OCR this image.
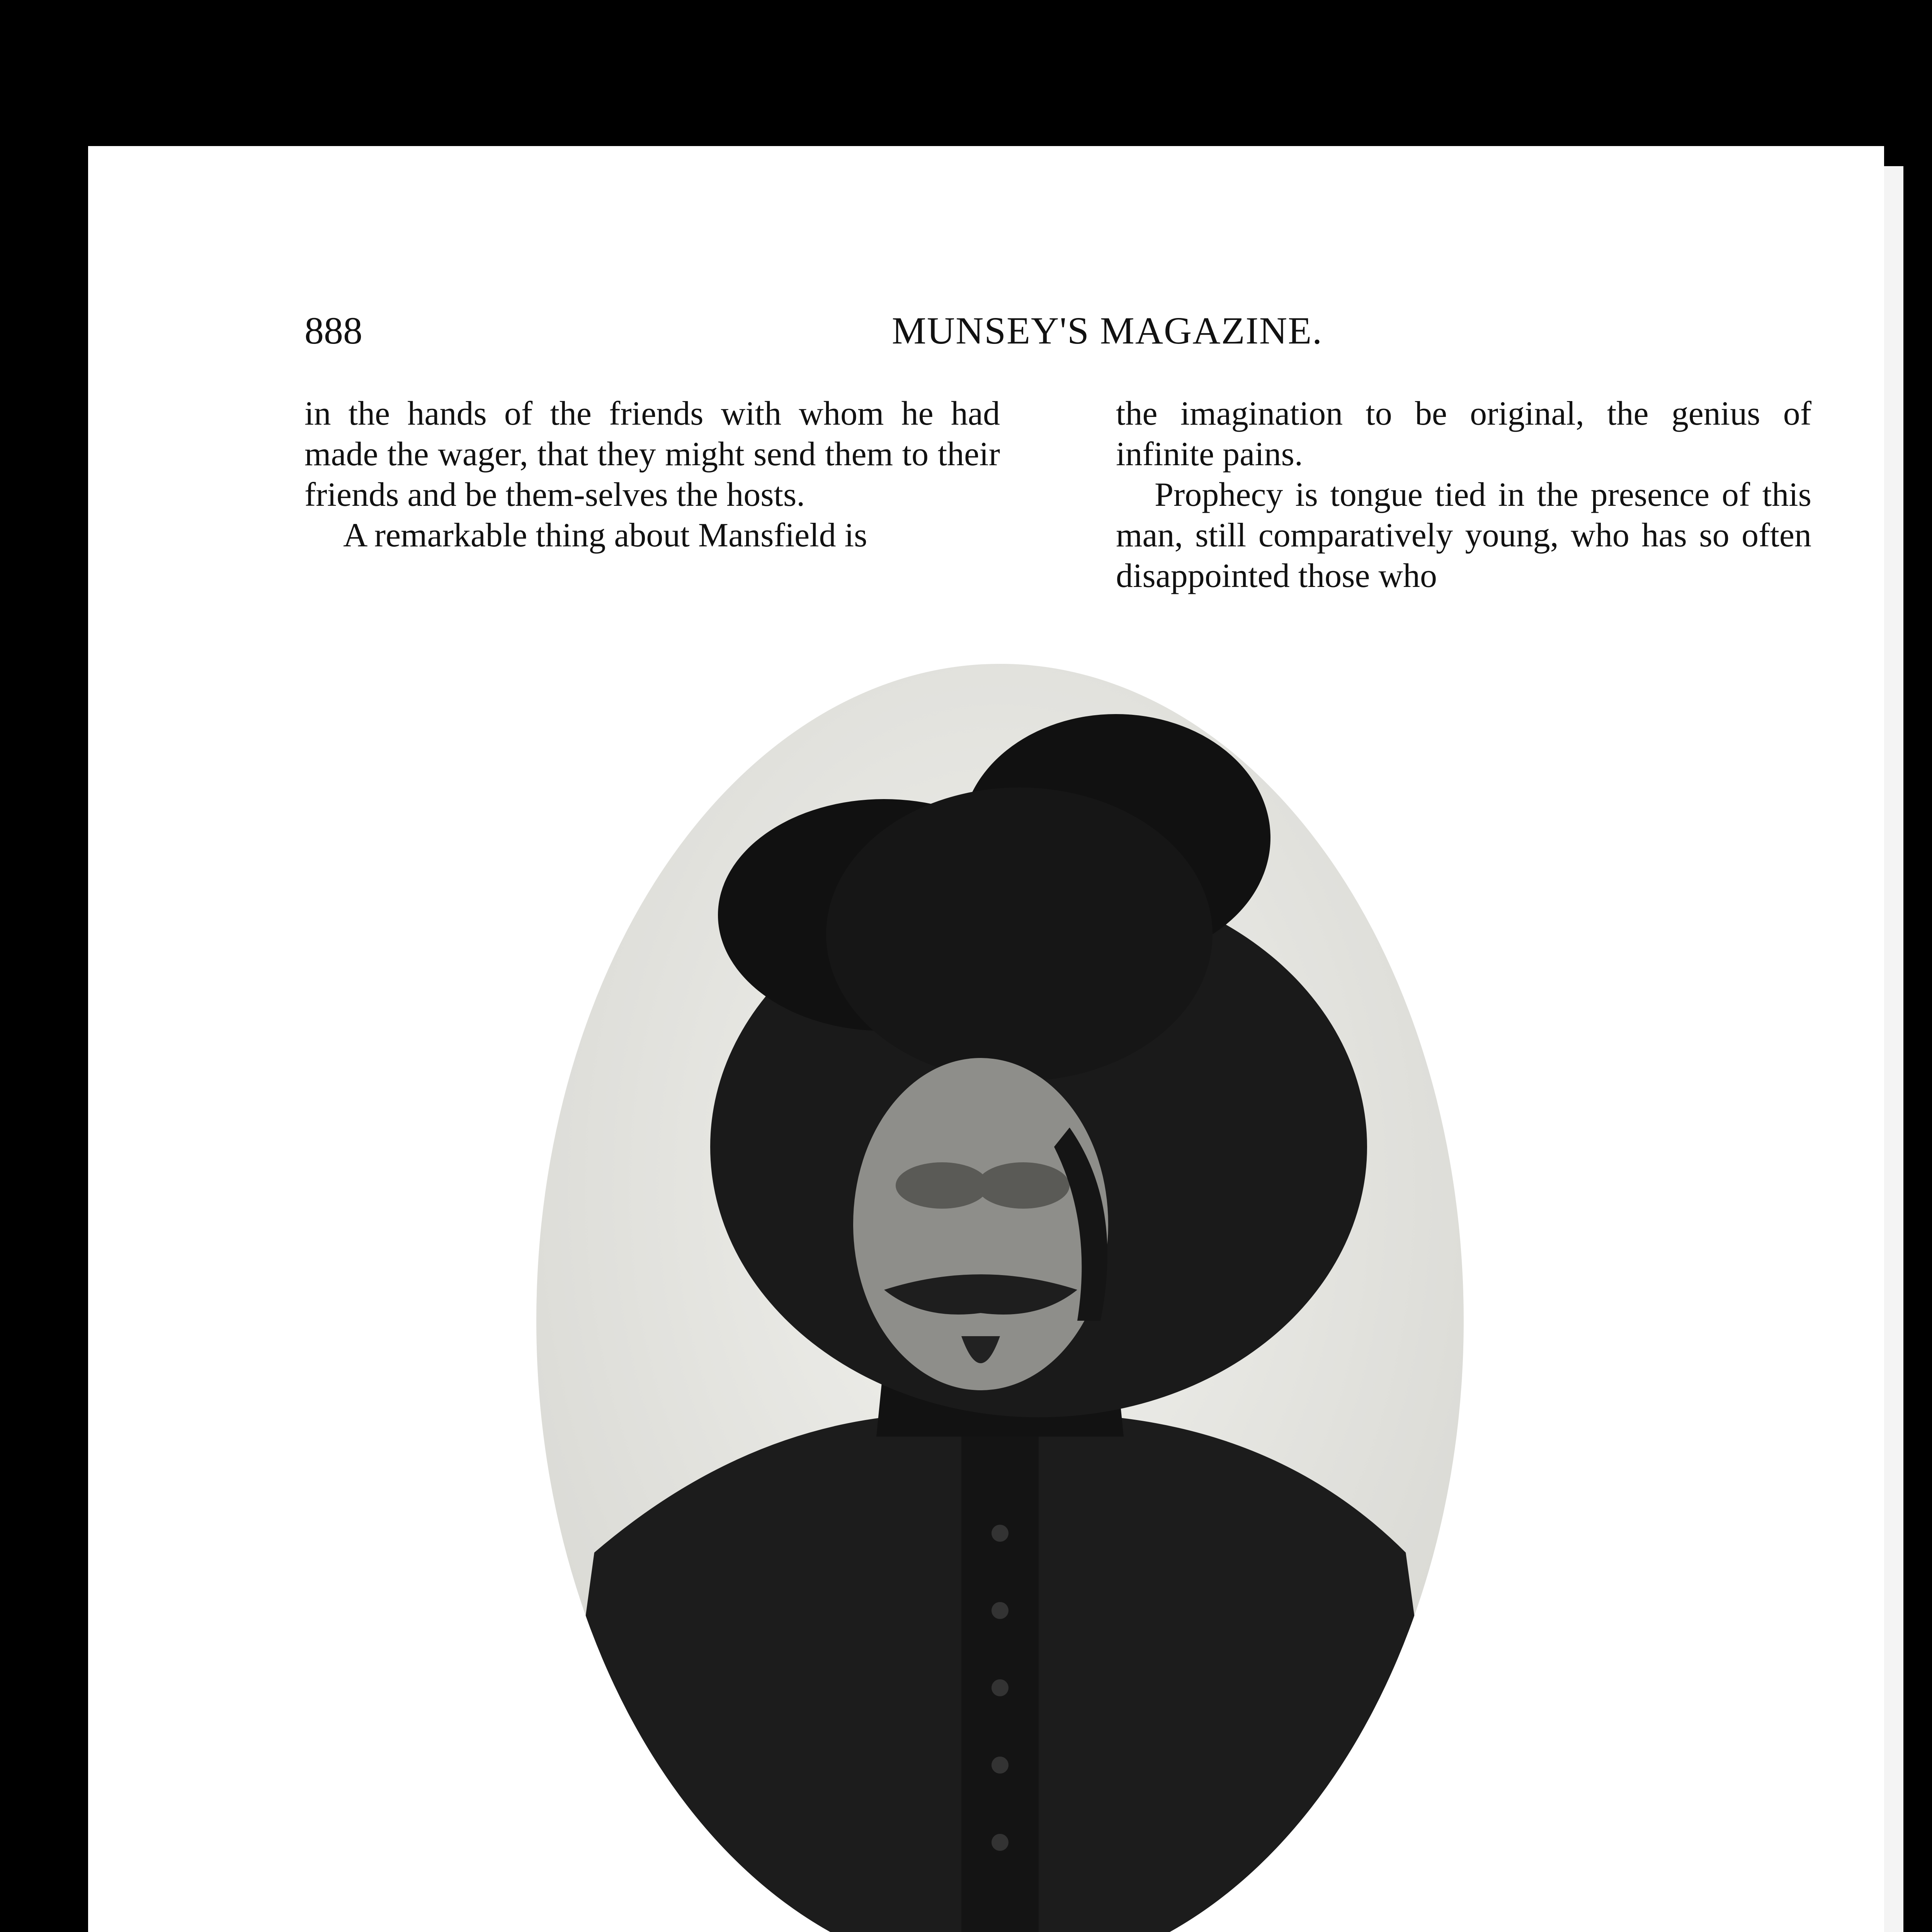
888	MUNSEY'S MAGAZINE.

in the hands of the friends with whom he had made the wager, that they might send them to their friends and be them-selves the hosts.

A remarkable thing about Mansfield is

the imagination to be original, the genius of infinite pains.

Prophecy is tongue tied in the presence of this man, still comparatively young, who has so often disappointed those who
